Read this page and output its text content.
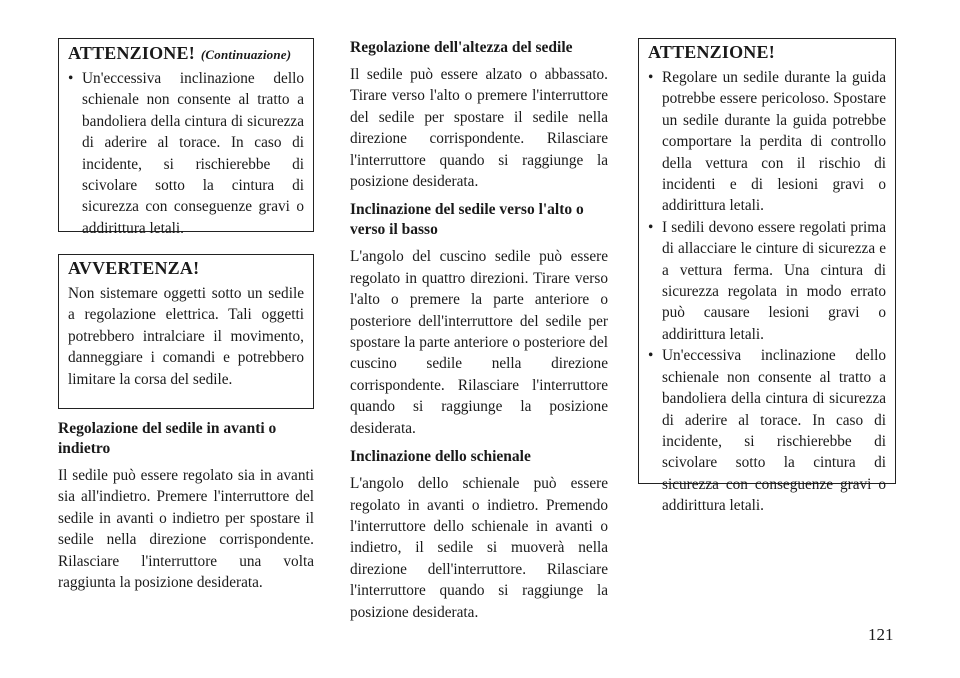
ATTENZIONE! (Continuazione)
• Un'eccessiva inclinazione dello schienale non consente al tratto a bandoliera della cintura di sicurezza di aderire al torace. In caso di incidente, si rischierebbe di scivolare sotto la cintura di sicurezza con conseguenze gravi o addirittura letali.
AVVERTENZA!

Non sistemare oggetti sotto un sedile a regolazione elettrica. Tali oggetti potrebbero intralciare il movimento, danneggiare i comandi e potrebbero limitare la corsa del sedile.

Regolazione del sedile in avanti o indietro

Il sedile può essere regolato sia in avanti sia all'indietro. Premere l'interruttore del sedile in avanti o indietro per spostare il sedile nella direzione corrispondente. Rilasciare l'interruttore una volta raggiunta la posizione desiderata.

Regolazione dell'altezza del sedile

Il sedile può essere alzato o abbassato. Tirare verso l'alto o premere l'interruttore del sedile per spostare il sedile nella direzione corrispondente. Rilasciare l'interruttore quando si raggiunge la posizione desiderata.

Inclinazione del sedile verso l'alto o verso il basso

L'angolo del cuscino sedile può essere regolato in quattro direzioni. Tirare verso l'alto o premere la parte anteriore o posteriore dell'interruttore del sedile per spostare la parte anteriore o posteriore del cuscino sedile nella direzione corrispondente. Rilasciare l'interruttore quando si raggiunge la posizione desiderata.

Inclinazione dello schienale

L'angolo dello schienale può essere regolato in avanti o indietro. Premendo l'interruttore dello schienale in avanti o indietro, il sedile si muoverà nella direzione dell'interruttore. Rilasciare l'interruttore quando si raggiunge la posizione desiderata.

ATTENZIONE!
• Regolare un sedile durante la guida potrebbe essere pericoloso. Spostare un sedile durante la guida potrebbe comportare la perdita di controllo della vettura con il rischio di incidenti e di lesioni gravi o addirittura letali.
• I sedili devono essere regolati prima di allacciare le cinture di sicurezza e a vettura ferma. Una cintura di sicurezza regolata in modo errato può causare lesioni gravi o addirittura letali.
• Un'eccessiva inclinazione dello schienale non consente al tratto a bandoliera della cintura di sicurezza di aderire al torace. In caso di incidente, si rischierebbe di scivolare sotto la cintura di sicurezza con conseguenze gravi o addirittura letali.
121
